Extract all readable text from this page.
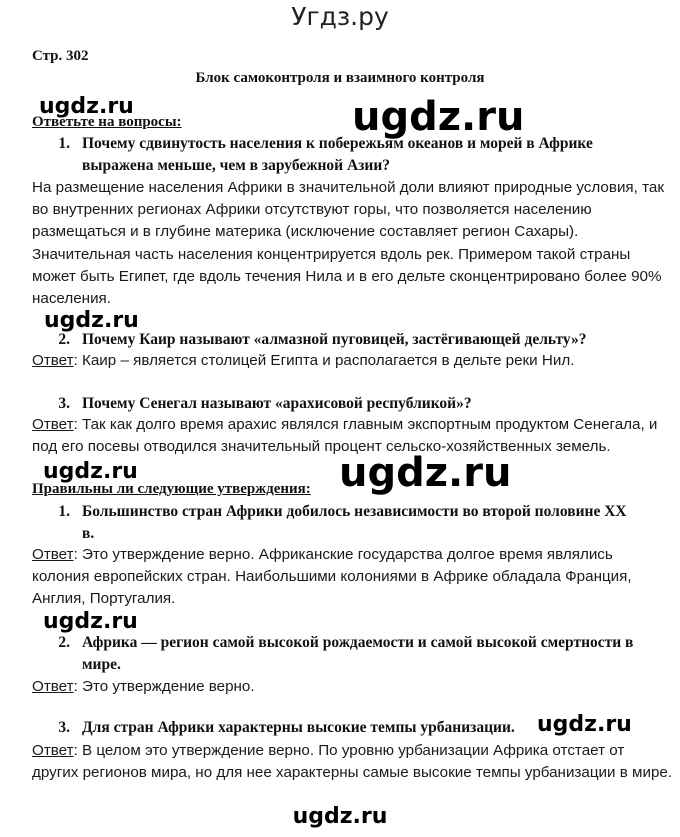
Угдз.ру
Стр. 302
Блок самоконтроля и взаимного контроля
ugdz.ru	ugdz.ru
ugdz.ru
ugdz.ru	ugdz.ru
ugdz.ru
ugdz.ru
Ответьте на вопросы:
1. Почему сдвинутость населения к побережьям океанов и морей в Африке
выражена меньше, чем в зарубежной Азии?
На размещение населения Африки в значительной доли влияют природные условия, так
во внутренних регионах Африки отсутствуют горы, что позволяется населению
размещаться и в глубине материка (исключение составляет регион Сахары).
Значительная часть населения концентрируется вдоль рек. Примером такой страны
может быть Египет, где вдоль течения Нила и в его дельте сконцентрировано более 90%
населения.
2. Почему Каир называют «алмазной пуговицей, застёгивающей дельту»?
Ответ: Каир – является столицей Египта и располагается в дельте реки Нил.
3. Почему Сенегал называют «арахисовой республикой»?
Ответ: Так как долго время арахис являлся главным экспортным продуктом Сенегала, и
под его посевы отводился значительный процент сельско-хозяйственных земель.
Правильны ли следующие утверждения:
1. Большинство стран Африки добилось независимости во второй половине XX
в.
Ответ: Это утверждение верно. Африканские государства долгое время являлись
колония европейских стран. Наибольшими колониями в Африке обладала Франция,
Англия, Португалия.
2. Африка — регион самой высокой рождаемости и самой высокой смертности в
мире.
Ответ: Это утверждение верно.
3. Для стран Африки характерны высокие темпы урбанизации.
Ответ: В целом это утверждение верно. По уровню урбанизации Африка отстает от
других регионов мира, но для нее характерны самые высокие темпы урбанизации в мире.
ugdz.ru
